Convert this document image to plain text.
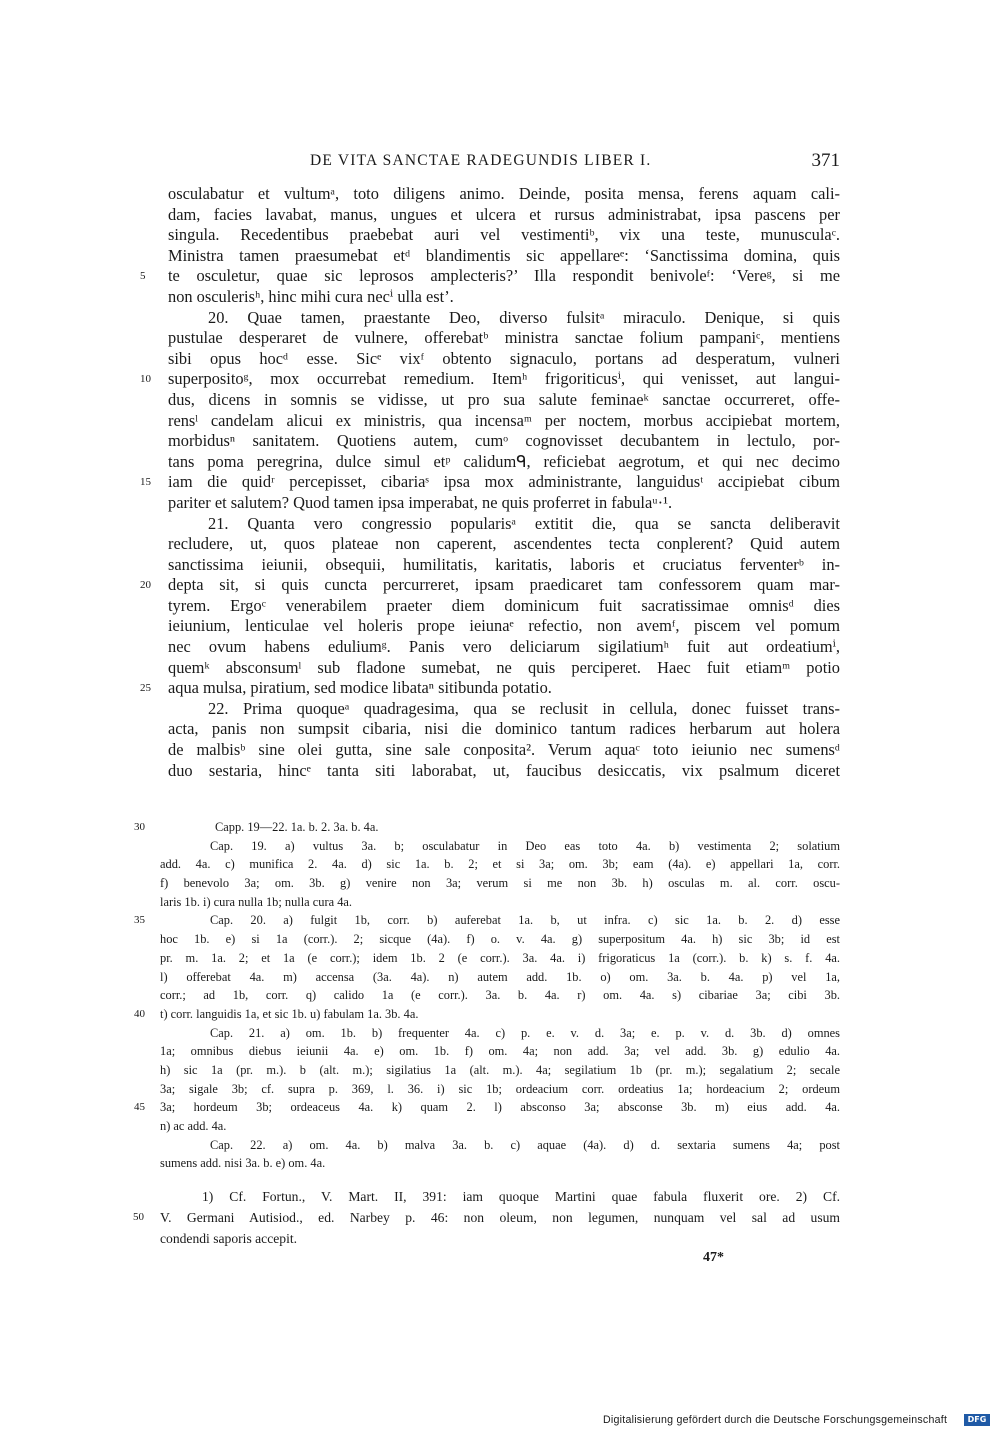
DE VITA SANCTAE RADEGUNDIS LIBER I.	371
osculabatur et vultumᵃ, toto diligens animo. Deinde, posita mensa, ferens aquam cali-
dam, facies lavabat, manus, ungues et ulcera et rursus administrabat, ipsa pascens per
singula. Recedentibus praebebat auri vel vestimentiᵇ, vix una teste, munusculaᶜ.
Ministra tamen praesumebat etᵈ blandimentis sic appellareᵉ: ‘Sanctissima domina, quis
5	te osculetur, quae sic leprosos amplecteris?’ Illa respondit benivoleᶠ: ‘Vereᵍ, si me
non osculerisʰ, hinc mihi cura necⁱ ulla est’.
20. Quae tamen, praestante Deo, diverso fulsitᵃ miraculo. Denique, si quis
pustulae desperaret de vulnere, offerebatᵇ ministra sanctae folium pampaniᶜ, mentiens
sibi opus hocᵈ esse. Sicᵉ vixᶠ obtento signaculo, portans ad desperatum, vulneri
10	superpositoᵍ, mox occurrebat remedium. Itemʰ frigoriticusⁱ, qui venisset, aut langui-
dus, dicens in somnis se vidisse, ut pro sua salute feminaeᵏ sanctae occurreret, offe-
rensˡ candelam alicui ex ministris, qua incensaᵐ per noctem, morbus accipiebat mortem,
morbidusⁿ sanitatem. Quotiens autem, cumᵒ cognovisset decubantem in lectulo, por-
tans poma peregrina, dulce simul etᵖ calidumᑫ, reficiebat aegrotum, et qui nec decimo
15	iam die quidʳ percepisset, cibariaˢ ipsa mox administrante, languidusᵗ accipiebat cibum
pariter et salutem? Quod tamen ipsa imperabat, ne quis proferret in fabulaᵘ·¹.
21. Quanta vero congressio popularisᵃ extitit die, qua se sancta deliberavit
recludere, ut, quos plateae non caperent, ascendentes tecta conplerent? Quid autem
sanctissima ieiunii, obsequii, humilitatis, karitatis, laboris et cruciatus ferventerᵇ in-
20	depta sit, si quis cuncta percurreret, ipsam praedicaret tam confessorem quam mar-
tyrem. Ergoᶜ venerabilem praeter diem dominicum fuit sacratissimae omnisᵈ dies
ieiunium, lenticulae vel holeris prope ieiunaᵉ refectio, non avemᶠ, piscem vel pomum
nec ovum habens eduliumᵍ. Panis vero deliciarum sigilatiumʰ fuit aut ordeatiumⁱ,
quemᵏ absconsumˡ sub fladone sumebat, ne quis perciperet. Haec fuit etiamᵐ potio
25	aqua mulsa, piratium, sed modice libataⁿ sitibunda potatio.
22. Prima quoqueᵃ quadragesima, qua se reclusit in cellula, donec fuisset trans-
acta, panis non sumpsit cibaria, nisi die dominico tantum radices herbarum aut holera
de malbisᵇ sine olei gutta, sine sale conposita². Verum aquaᶜ toto ieiunio nec sumensᵈ
duo sestaria, hincᵉ tanta siti laborabat, ut, faucibus desiccatis, vix psalmum diceret
30	Capp. 19—22. 1a. b. 2. 3a. b. 4a.
Cap. 19. a) vultus 3a. b; osculabatur in Deo eas toto 4a. b) vestimenta 2; solatium
add. 4a. c) munifica 2. 4a. d) sic 1a. b. 2; et si 3a; om. 3b; eam (4a). e) appellari 1a, corr.
f) benevolo 3a; om. 3b. g) venire non 3a; verum si me non 3b. h) osculas m. al. corr. oscu-
laris 1b. i) cura nulla 1b; nulla cura 4a.
35	Cap. 20. a) fulgit 1b, corr. b) auferebat 1a. b, ut infra. c) sic 1a. b. 2. d) esse
hoc 1b. e) si 1a (corr.). 2; sicque (4a). f) o. v. 4a. g) superpositum 4a. h) sic 3b; id est
pr. m. 1a. 2; et 1a (e corr.); idem 1b. 2 (e corr.). 3a. 4a. i) frigoraticus 1a (corr.). b. k) s. f. 4a.
l) offerebat 4a. m) accensa (3a. 4a). n) autem add. 1b. o) om. 3a. b. 4a. p) vel 1a,
corr.; ad 1b, corr. q) calido 1a (e corr.). 3a. b. 4a. r) om. 4a. s) cibariae 3a; cibi 3b.
40	t) corr. languidis 1a, et sic 1b. u) fabulam 1a. 3b. 4a.
Cap. 21. a) om. 1b. b) frequenter 4a. c) p. e. v. d. 3a; e. p. v. d. 3b. d) omnes
1a; omnibus diebus ieiunii 4a. e) om. 1b. f) om. 4a; non add. 3a; vel add. 3b. g) edulio 4a.
h) sic 1a (pr. m.). b (alt. m.); sigilatius 1a (alt. m.). 4a; segilatium 1b (pr. m.); segalatium 2; secale
3a; sigale 3b; cf. supra p. 369, l. 36. i) sic 1b; ordeacium corr. ordeatius 1a; hordeacium 2; ordeum
45	3a; hordeum 3b; ordeaceus 4a. k) quam 2. l) absconso 3a; absconse 3b. m) eius add. 4a.
n) ac add. 4a.
Cap. 22. a) om. 4a. b) malva 3a. b. c) aquae (4a). d) d. sextaria sumens 4a; post
sumens add. nisi 3a. b. e) om. 4a.
1) Cf. Fortun., V. Mart. II, 391: iam quoque Martini quae fabula fluxerit ore. 2) Cf.
50	V. Germani Autisiod., ed. Narbey p. 46: non oleum, non legumen, nunquam vel sal ad usum
condendi saporis accepit.
47*
Digitalisierung gefördert durch die Deutsche Forschungsgemeinschaft	DFG
